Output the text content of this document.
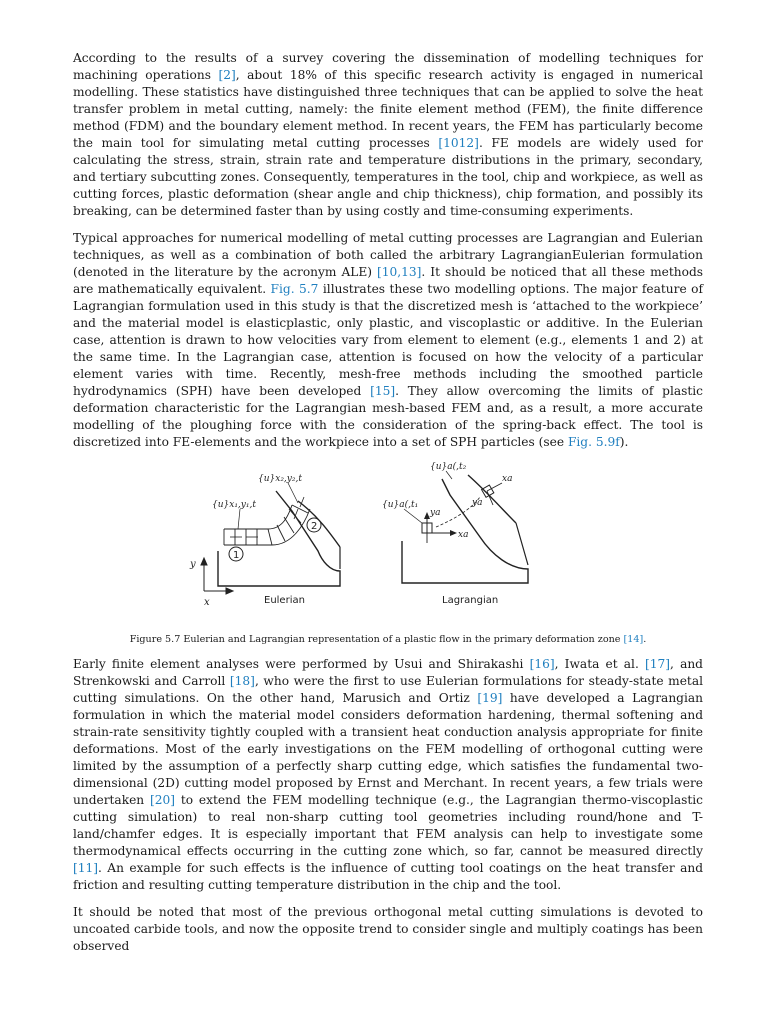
According to the results of a survey covering the dissemination of modelling techniques for machining operations [2], about 18% of this specific research activity is engaged in numerical modelling. These statistics have distinguished three techniques that can be applied to solve the heat transfer problem in metal cutting, namely: the finite element method (FEM), the finite difference method (FDM) and the boundary element method. In recent years, the FEM has particularly become the main tool for simulating metal cutting processes [1012]. FE models are widely used for calculating the stress, strain, strain rate and temperature distributions in the primary, secondary, and tertiary subcutting zones. Consequently, temperatures in the tool, chip and workpiece, as well as cutting forces, plastic deformation (shear angle and chip thickness), chip formation, and possibly its breaking, can be determined faster than by using costly and time-consuming experiments.

Typical approaches for numerical modelling of metal cutting processes are Lagrangian and Eulerian techniques, as well as a combination of both called the arbitrary LagrangianEulerian formulation (denoted in the literature by the acronym ALE) [10,13]. It should be noticed that all these methods are mathematically equivalent. Fig. 5.7 illustrates these two modelling options. The major feature of Lagrangian formulation used in this study is that the discretized mesh is ‘attached to the workpiece’ and the material model is elasticplastic, only plastic, and viscoplastic or additive. In the Eulerian case, attention is drawn to how velocities vary from element to element (e.g., elements 1 and 2) at the same time. In the Lagrangian case, attention is focused on how the velocity of a particular element varies with time. Recently, mesh-free methods including the smoothed particle hydrodynamics (SPH) have been developed [15]. They allow overcoming the limits of plastic deformation characteristic for the Lagrangian mesh-based FEM and, as a result, a more accurate modelling of the ploughing force with the consideration of the spring-back effect. The tool is discretized into FE-elements and the workpiece into a set of SPH particles (see Fig. 5.9f).

1
2
{u}x₂,y₂,t
{u}x₁,y₁,t
y
x	Eulerian
ya
xa
xa
ya
{u}a(,t₂
{u}a(,t₁
Lagrangian
Figure 5.7 Eulerian and Lagrangian representation of a plastic flow in the primary deformation zone [14].

Early finite element analyses were performed by Usui and Shirakashi [16], Iwata et al. [17], and Strenkowski and Carroll [18], who were the first to use Eulerian formulations for steady-state metal cutting simulations. On the other hand, Marusich and Ortiz [19] have developed a Lagrangian formulation in which the material model considers deformation hardening, thermal softening and strain-rate sensitivity tightly coupled with a transient heat conduction analysis appropriate for finite deformations. Most of the early investigations on the FEM modelling of orthogonal cutting were limited by the assumption of a perfectly sharp cutting edge, which satisfies the fundamental two-dimensional (2D) cutting model proposed by Ernst and Merchant. In recent years, a few trials were undertaken [20] to extend the FEM modelling technique (e.g., the Lagrangian thermo-viscoplastic cutting simulation) to real non-sharp cutting tool geometries including round/hone and T-land/chamfer edges. It is especially important that FEM analysis can help to investigate some thermodynamical effects occurring in the cutting zone which, so far, cannot be measured directly [11]. An example for such effects is the influence of cutting tool coatings on the heat transfer and friction and resulting cutting temperature distribution in the chip and the tool.

It should be noted that most of the previous orthogonal metal cutting simulations is devoted to uncoated carbide tools, and now the opposite trend to consider single and multiply coatings has been observed
